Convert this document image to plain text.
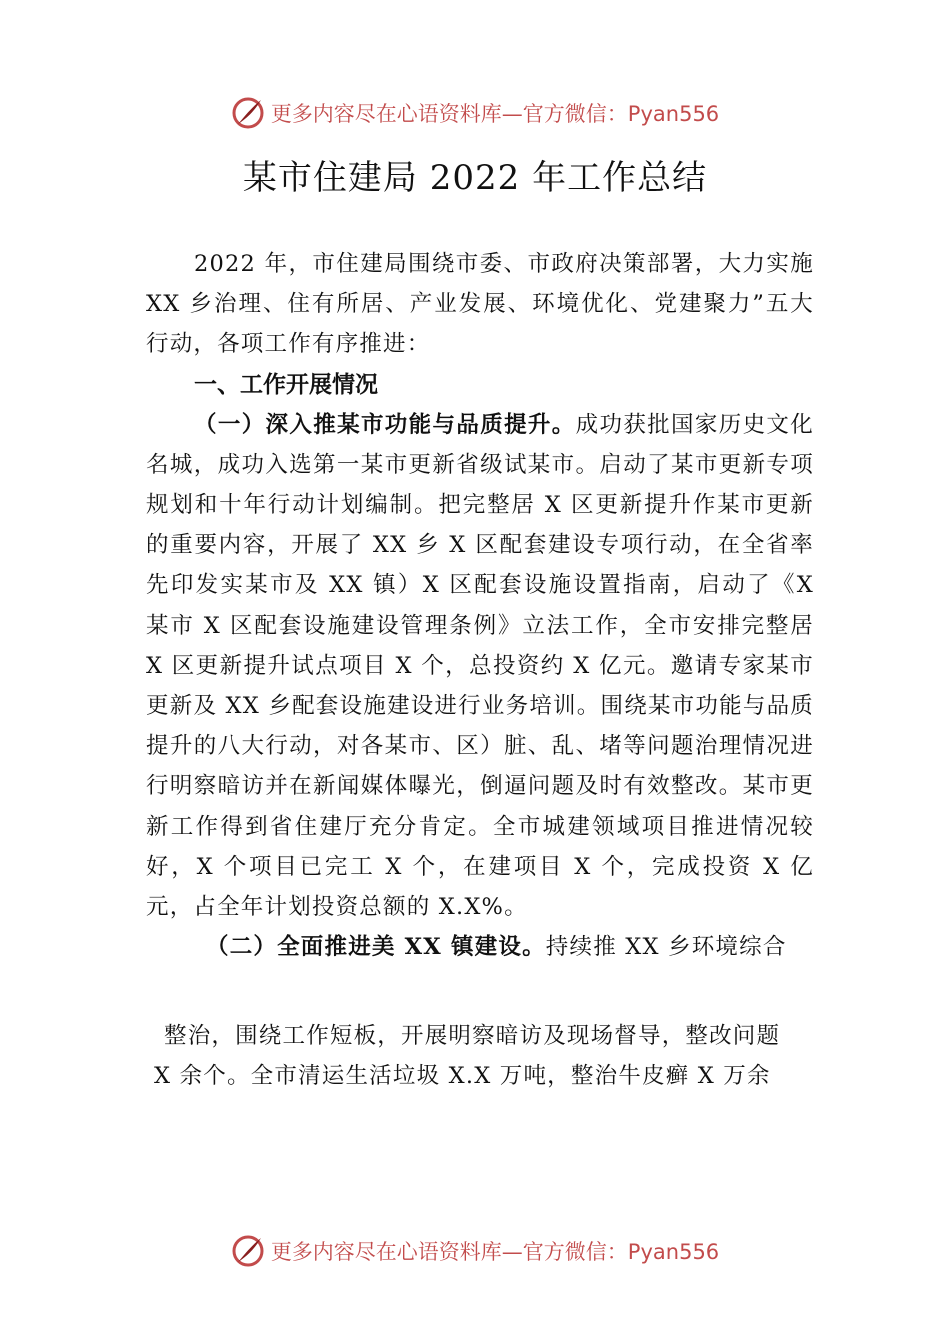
更多内容尽在心语资料库—官方微信：Pyan556
某市住建局 2022 年工作总结

2022 年，市住建局围绕市委、市政府决策部署，大力实施 XX 乡治理、住有所居、产业发展、环境优化、党建聚力”五大行动，各项工作有序推进：

一、工作开展情况

（一）深入推某市功能与品质提升。成功获批国家历史文化名城，成功入选第一某市更新省级试某市。启动了某市更新专项规划和十年行动计划编制。把完整居 X 区更新提升作某市更新的重要内容，开展了 XX 乡 X 区配套建设专项行动，在全省率先印发实某市及 XX 镇）X 区配套设施设置指南，启动了《X 某市 X 区配套设施建设管理条例》立法工作，全市安排完整居 X 区更新提升试点项目 X 个，总投资约 X 亿元。邀请专家某市更新及 XX 乡配套设施建设进行业务培训。围绕某市功能与品质提升的八大行动，对各某市、区）脏、乱、堵等问题治理情况进行明察暗访并在新闻媒体曝光，倒逼问题及时有效整改。某市更新工作得到省住建厅充分肯定。全市城建领域项目推进情况较好，X 个项目已完工 X 个，在建项目 X 个，完成投资 X 亿元，占全年计划投资总额的 X.X%。

（二）全面推进美 XX 镇建设。持续推 XX 乡环境综合

整治，围绕工作短板，开展明察暗访及现场督导，整改问题

X 余个。全市清运生活垃圾 X.X 万吨，整治牛皮癣 X 万余

更多内容尽在心语资料库—官方微信：Pyan556
